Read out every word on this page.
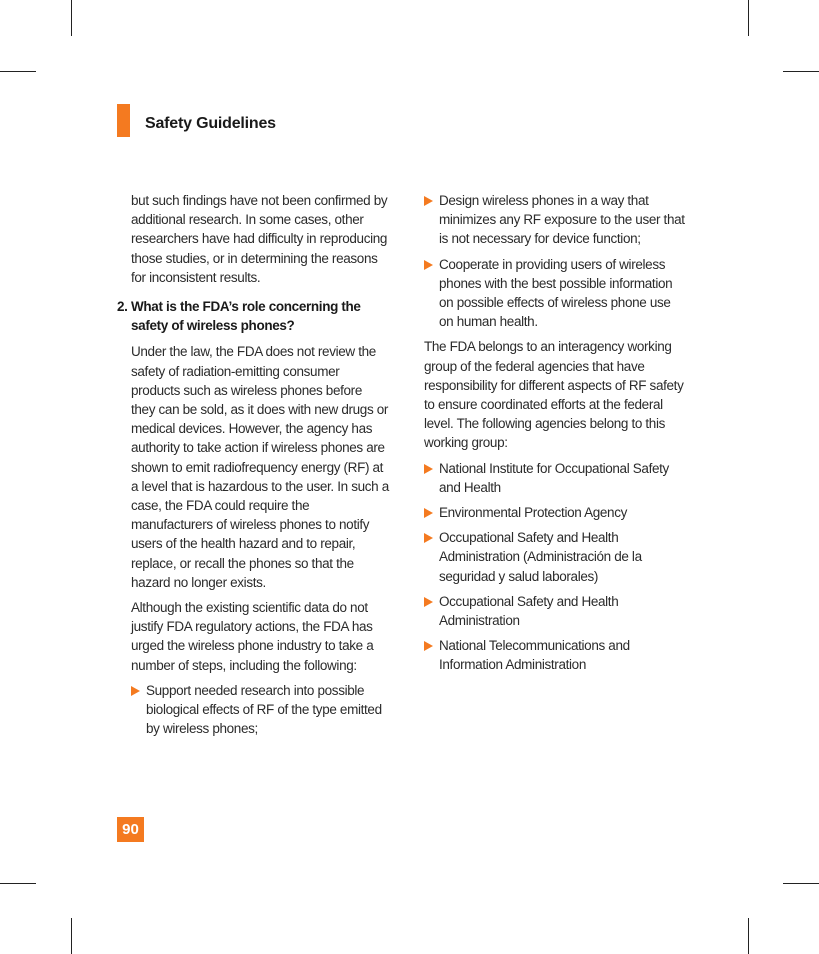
Safety Guidelines

but such findings have not been confirmed by additional research. In some cases, other researchers have had difficulty in reproducing those studies, or in determining the reasons for inconsistent results.

2. What is the FDA’s role concerning the safety of wireless phones?

Under the law, the FDA does not review the safety of radiation-emitting consumer products such as wireless phones before they can be sold, as it does with new drugs or medical devices. However, the agency has authority to take action if wireless phones are shown to emit radiofrequency energy (RF) at a level that is hazardous to the user. In such a case, the FDA could require the manufacturers of wireless phones to notify users of the health hazard and to repair, replace, or recall the phones so that the hazard no longer exists.

Although the existing scientific data do not justify FDA regulatory actions, the FDA has urged the wireless phone industry to take a number of steps, including the following:

Support needed research into possible biological effects of RF of the type emitted by wireless phones;
Design wireless phones in a way that minimizes any RF exposure to the user that is not necessary for device function;
Cooperate in providing users of wireless phones with the best possible information on possible effects of wireless phone use on human health.

The FDA belongs to an interagency working group of the federal agencies that have responsibility for different aspects of RF safety to ensure coordinated efforts at the federal level. The following agencies belong to this working group:

National Institute for Occupational Safety and Health
Environmental Protection Agency
Occupational Safety and Health Administration (Administración de la seguridad y salud laborales)
Occupational Safety and Health Administration
National Telecommunications and Information Administration
90
